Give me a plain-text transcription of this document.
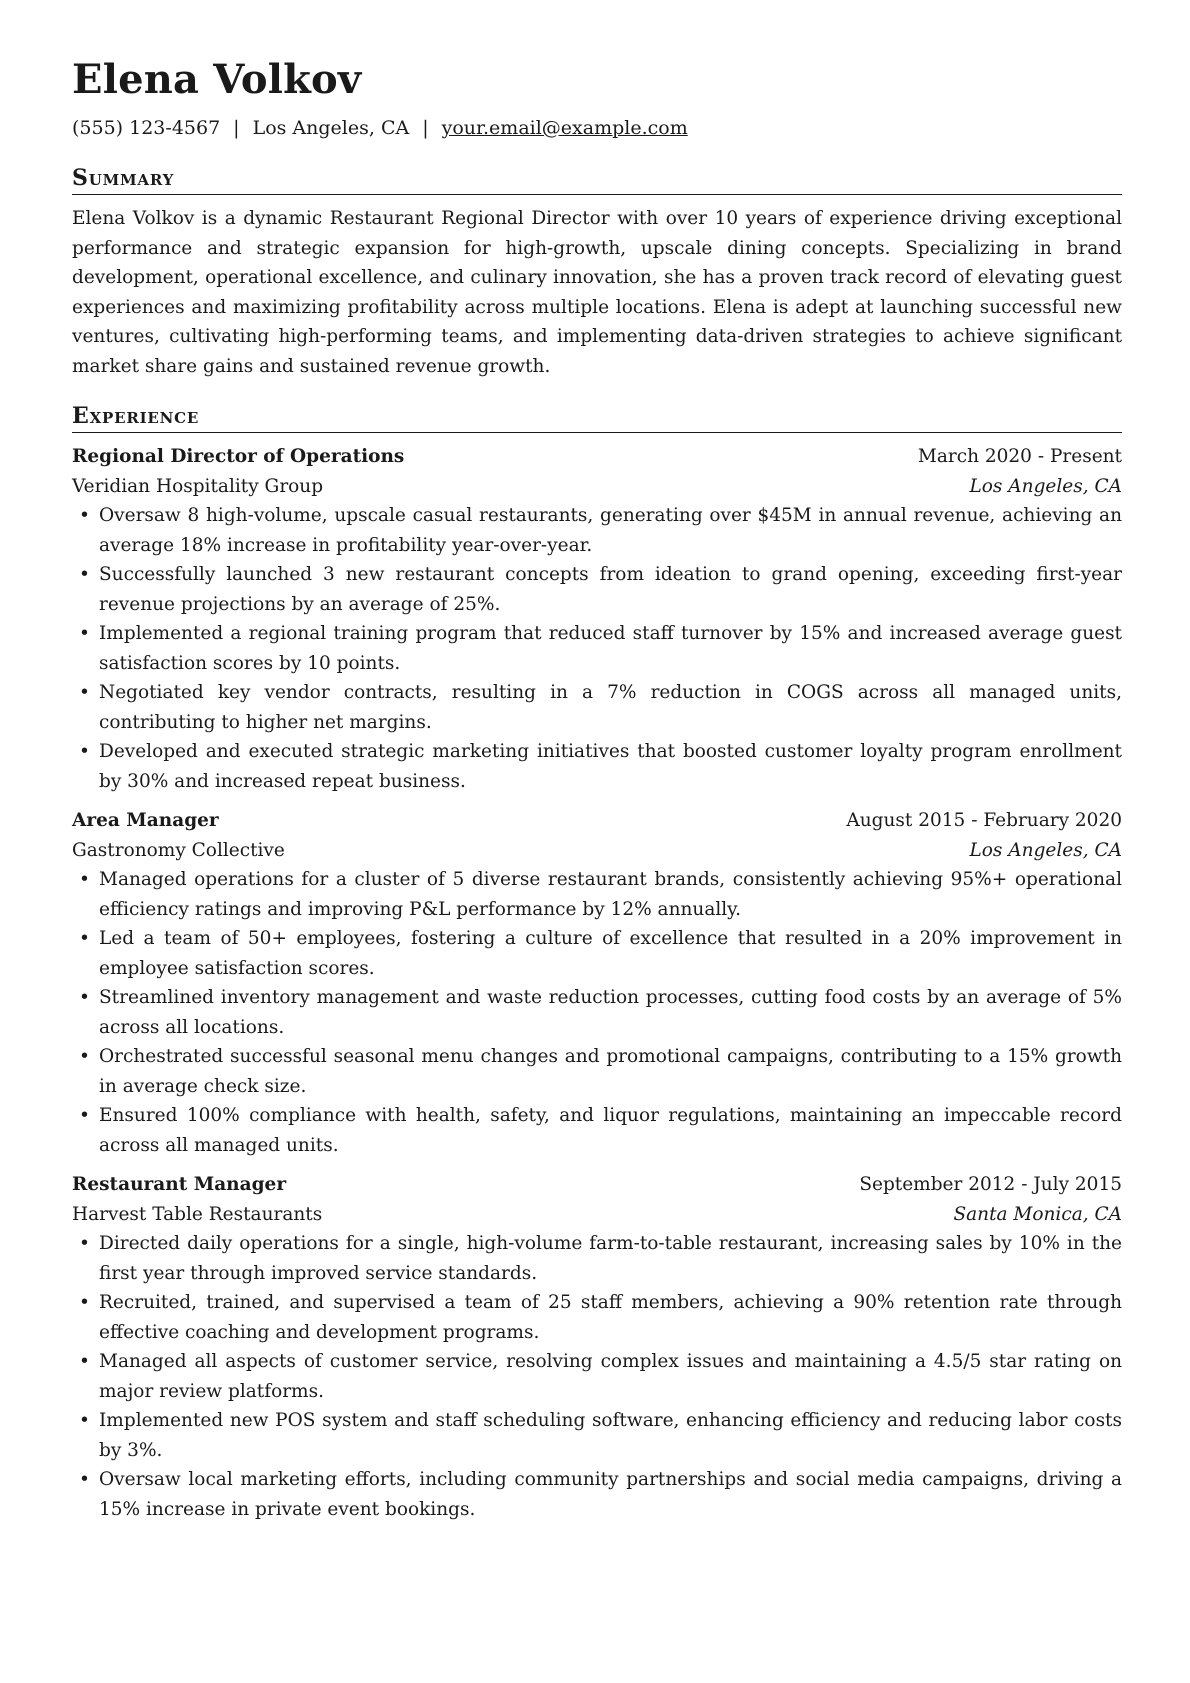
Elena Volkov
(555) 123-4567 | Los Angeles, CA | your.email@example.com
Summary
Elena Volkov is a dynamic Restaurant Regional Director with over 10 years of experience driving exceptional performance and strategic expansion for high-growth, upscale dining concepts. Specializing in brand development, operational excellence, and culinary innovation, she has a proven track record of elevating guest experiences and maximizing profitability across multiple locations. Elena is adept at launching successful new ventures, cultivating high-performing teams, and implementing data-driven strategies to achieve significant market share gains and sustained revenue growth.
Experience
Regional Director of Operations	March 2020 - Present
Veridian Hospitality Group	Los Angeles, CA
• Oversaw 8 high-volume, upscale casual restaurants, generating over $45M in annual revenue, achieving an average 18% increase in profitability year-over-year.
• Successfully launched 3 new restaurant concepts from ideation to grand opening, exceeding first-year revenue projections by an average of 25%.
• Implemented a regional training program that reduced staff turnover by 15% and increased average guest satisfaction scores by 10 points.
• Negotiated key vendor contracts, resulting in a 7% reduction in COGS across all managed units, contributing to higher net margins.
• Developed and executed strategic marketing initiatives that boosted customer loyalty program enrollment by 30% and increased repeat business.
Area Manager	August 2015 - February 2020
Gastronomy Collective	Los Angeles, CA
• Managed operations for a cluster of 5 diverse restaurant brands, consistently achieving 95%+ operational efficiency ratings and improving P&L performance by 12% annually.
• Led a team of 50+ employees, fostering a culture of excellence that resulted in a 20% improvement in employee satisfaction scores.
• Streamlined inventory management and waste reduction processes, cutting food costs by an average of 5% across all locations.
• Orchestrated successful seasonal menu changes and promotional campaigns, contributing to a 15% growth in average check size.
• Ensured 100% compliance with health, safety, and liquor regulations, maintaining an impeccable record across all managed units.
Restaurant Manager	September 2012 - July 2015
Harvest Table Restaurants	Santa Monica, CA
• Directed daily operations for a single, high-volume farm-to-table restaurant, increasing sales by 10% in the first year through improved service standards.
• Recruited, trained, and supervised a team of 25 staff members, achieving a 90% retention rate through effective coaching and development programs.
• Managed all aspects of customer service, resolving complex issues and maintaining a 4.5/5 star rating on major review platforms.
• Implemented new POS system and staff scheduling software, enhancing efficiency and reducing labor costs by 3%.
• Oversaw local marketing efforts, including community partnerships and social media campaigns, driving a 15% increase in private event bookings.
